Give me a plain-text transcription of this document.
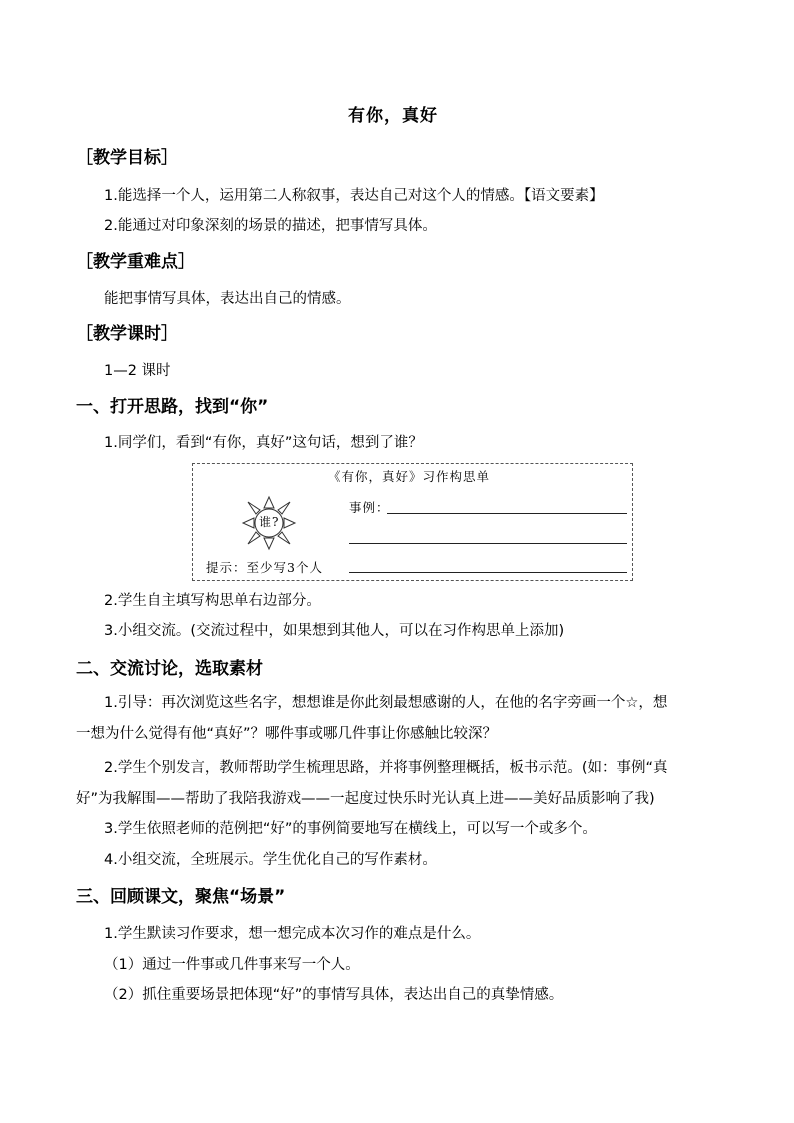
有你，真好
［教学目标］
1.能选择一个人，运用第二人称叙事，表达自己对这个人的情感。【语文要素】
2.能通过对印象深刻的场景的描述，把事情写具体。
［教学重难点］
能把事情写具体，表达出自己的情感。
［教学课时］
1—2 课时
一、打开思路，找到“你”
1.同学们，看到“有你，真好”这句话，想到了谁？
《有你，真好》习作构思单
谁?
事例：
提示：至少写3个人
2.学生自主填写构思单右边部分。
3.小组交流。(交流过程中，如果想到其他人，可以在习作构思单上添加)
二、交流讨论，选取素材
1.引导：再次浏览这些名字，想想谁是你此刻最想感谢的人，在他的名字旁画一个☆，想
一想为什么觉得有他“真好”？哪件事或哪几件事让你感触比较深？
2.学生个别发言，教师帮助学生梳理思路，并将事例整理概括，板书示范。(如：事例“真
好”为我解围——帮助了我陪我游戏——一起度过快乐时光认真上进——美好品质影响了我)
3.学生依照老师的范例把“好”的事例简要地写在横线上，可以写一个或多个。
4.小组交流，全班展示。学生优化自己的写作素材。
三、回顾课文，聚焦“场景”
1.学生默读习作要求，想一想完成本次习作的难点是什么。
（1）通过一件事或几件事来写一个人。
（2）抓住重要场景把体现“好”的事情写具体，表达出自己的真挚情感。
